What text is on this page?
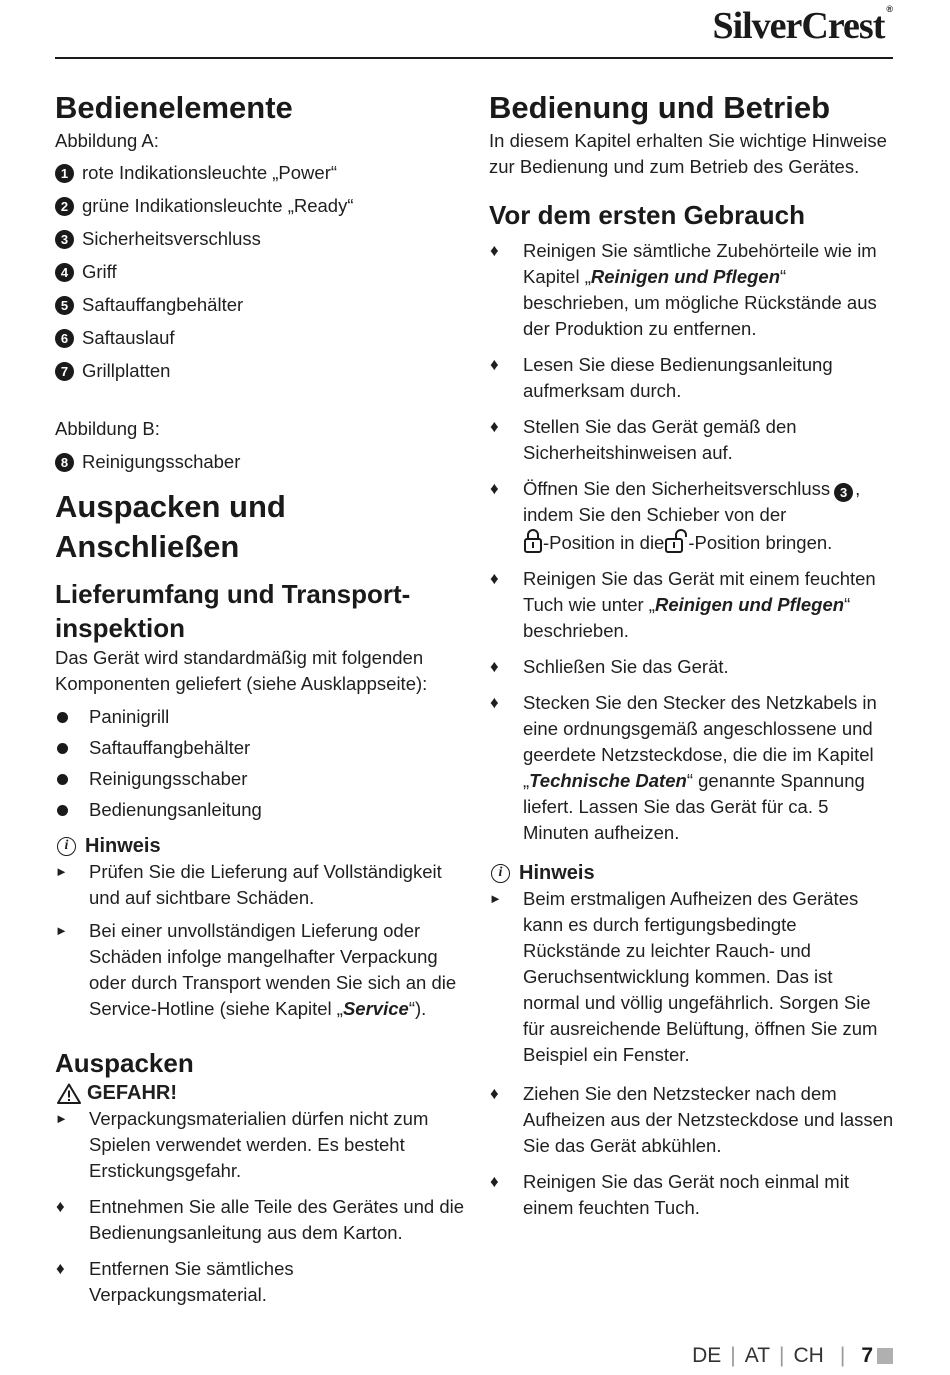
SilverCrest ®
Bedienelemente

Abbildung A:

1 rote Indikationsleuchte „Power“
2 grüne Indikationsleuchte „Ready“
3 Sicherheitsverschluss
4 Griff
5 Saftauffangbehälter
6 Saftauslauf
7 Grillplatten

Abbildung B:

8 Reinigungsschaber
Auspacken und
Anschließen
Lieferumfang und Transport-
inspektion

Das Gerät wird standardmäßig mit folgenden Komponenten geliefert (siehe Ausklappseite):

Paninigrill
Saftauffangbehälter
Reinigungsschaber
Bedienungsanleitung
i Hinweis
► Prüfen Sie die Lieferung auf Vollständigkeit und auf sichtbare Schäden.
► Bei einer unvollständigen Lieferung oder Schäden infolge mangelhafter Verpackung oder durch Transport wenden Sie sich an die Service-Hotline (siehe Kapitel „Service“).
Auspacken
GEFAHR!
► Verpackungsmaterialien dürfen nicht zum Spielen verwendet werden. Es besteht Erstickungsgefahr.
♦ Entnehmen Sie alle Teile des Gerätes und die Bedienungsanleitung aus dem Karton.
♦ Entfernen Sie sämtliches Verpackungsmaterial.
Bedienung und Betrieb

In diesem Kapitel erhalten Sie wichtige Hinweise zur Bedienung und zum Betrieb des Gerätes.

Vor dem ersten Gebrauch
♦ Reinigen Sie sämtliche Zubehörteile wie im Kapitel „Reinigen und Pflegen“ beschrieben, um mögliche Rückstände aus der Produktion zu entfernen.
♦ Lesen Sie diese Bedienungsanleitung aufmerksam durch.
♦ Stellen Sie das Gerät gemäß den Sicherheitshinweisen auf.
♦ Öffnen Sie den Sicherheitsverschluss 3 , indem Sie den Schieber von der
-Position in die -Position bringen.
♦ Reinigen Sie das Gerät mit einem feuchten Tuch wie unter „Reinigen und Pflegen“ beschrieben.
♦ Schließen Sie das Gerät.
♦ Stecken Sie den Stecker des Netzkabels in eine ordnungsgemäß angeschlossene und geerdete Netzsteckdose, die die im Kapitel „Technische Daten“ genannte Spannung liefert. Lassen Sie das Gerät für ca. 5 Minuten aufheizen.
i Hinweis
► Beim erstmaligen Aufheizen des Gerätes kann es durch fertigungsbedingte Rückstände zu leichter Rauch- und Geruchsentwicklung kommen. Das ist normal und völlig ungefährlich. Sorgen Sie für ausreichende Belüftung, öffnen Sie zum Beispiel ein Fenster.
♦ Ziehen Sie den Netzstecker nach dem Aufheizen aus der Netzsteckdose und lassen Sie das Gerät abkühlen.
♦ Reinigen Sie das Gerät noch einmal mit einem feuchten Tuch.
DE | AT | CH | 7
